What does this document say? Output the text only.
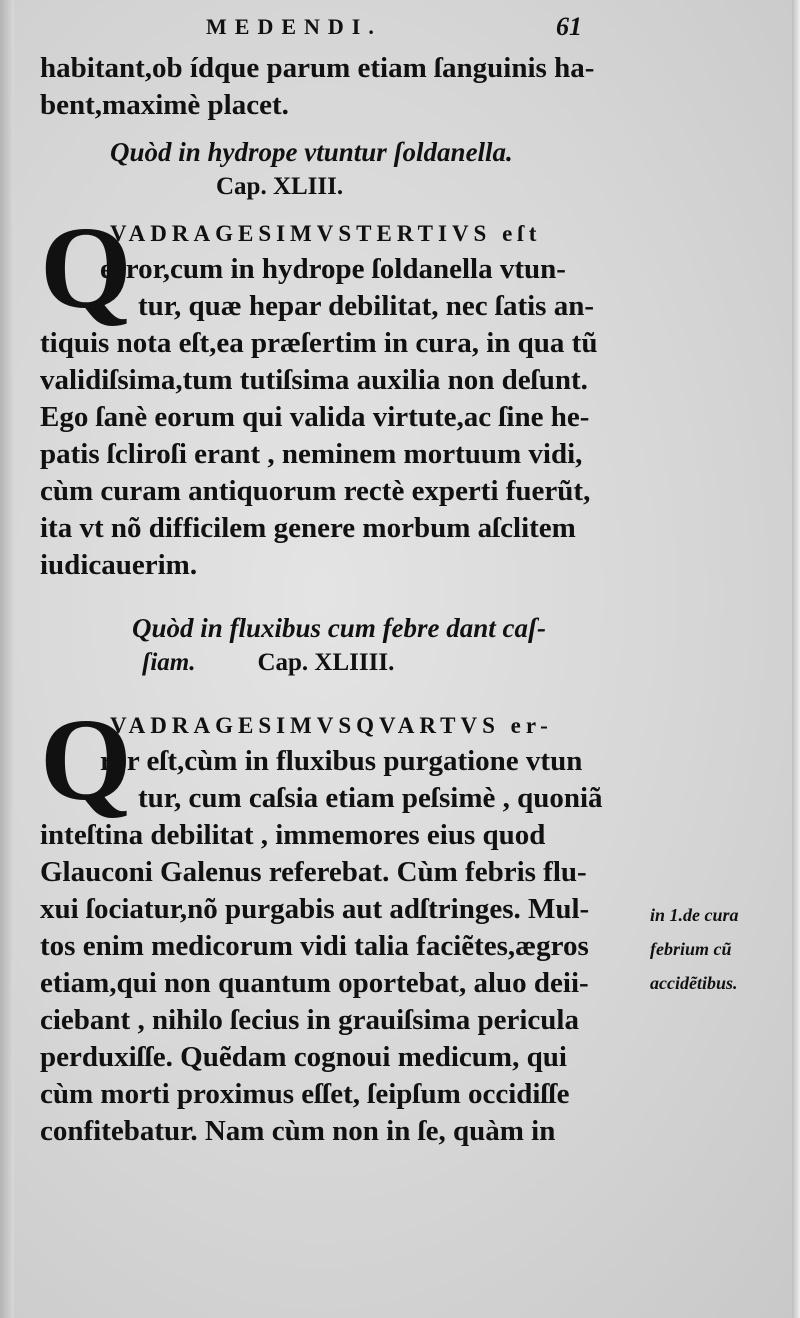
MEDENDI.	61
habitant,ob ídque parum etiam ſanguinis ha-
bent,maximè placet.
Quòd in hydrope vtuntur ſoldanella.
Cap. XLIII.
Q
VADRAGESIMVSTERTIVS eſt
error,cum in hydrope ſoldanella vtun-
tur, quæ hepar debilitat, nec ſatis an-
tiquis nota eſt,ea præſertim in cura, in qua tũ
validiſsima,tum tutiſsima auxilia non deſunt.
Ego ſanè eorum qui valida virtute,ac ſine he-
patis ſcliroſi erant , neminem mortuum vidi,
cùm curam antiquorum rectè experti fuerũt,
ita vt nõ difficilem genere morbum aſclitem
iudicauerim.
Quòd in fluxibus cum febre dant caſ-
ſiam. Cap. XLIIII.
Q
VADRAGESIMVSQVARTVS er-
ror eſt,cùm in fluxibus purgatione vtun
tur, cum caſsia etiam peſsimè , quoniã
inteſtina debilitat , immemores eius quod
Glauconi Galenus referebat. Cùm febris flu-
xui ſociatur,nõ purgabis aut adſtringes. Mul-
tos enim medicorum vidi talia faciẽtes,ægros
etiam,qui non quantum oportebat, aluo deii-
ciebant , nihilo ſecius in grauiſsima pericula
perduxiſſe. Quẽdam cognoui medicum, qui
cùm morti proximus eſſet, ſeipſum occidiſſe
confitebatur. Nam cùm non in ſe, quàm in
in 1.de cura
febrium cũ
accidẽtibus.
